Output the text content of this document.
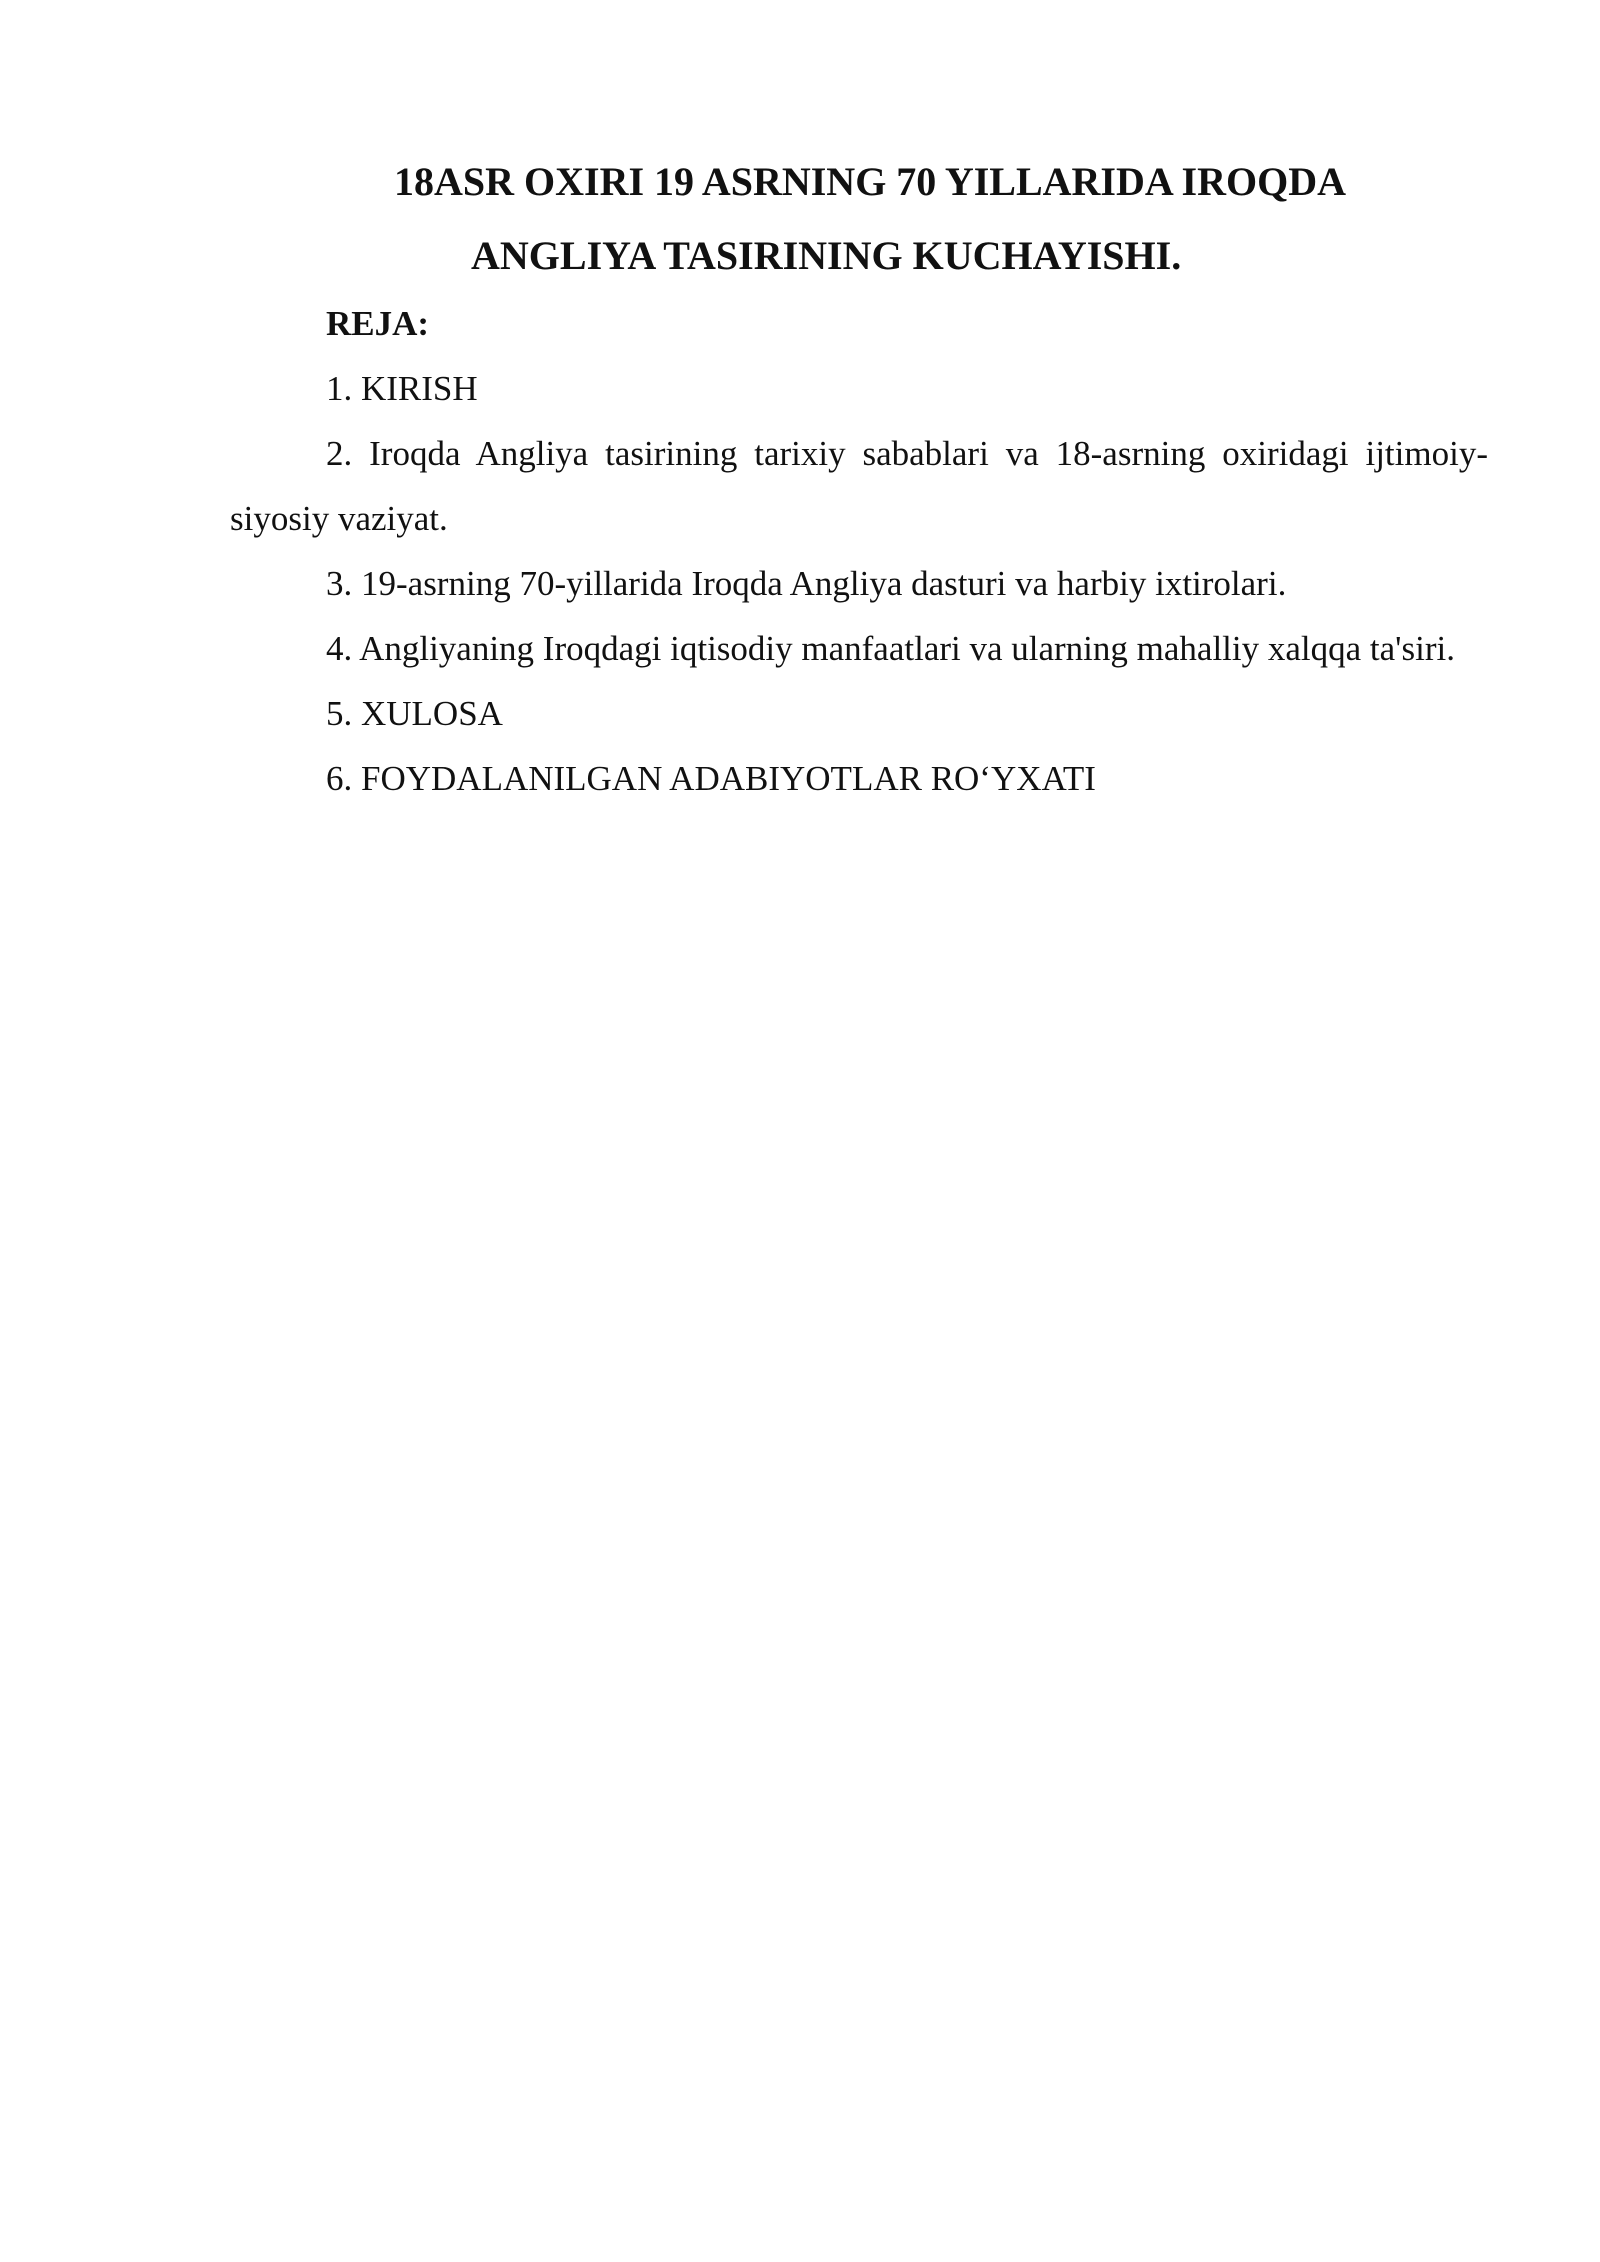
18ASR OXIRI 19 ASRNING 70 YILLARIDA IROQDA
ANGLIYA TASIRINING KUCHAYISHI.

REJA:

1. KIRISH

2. Iroqda Angliya tasirining tarixiy sabablari va 18-asrning oxiridagi ijtimoiy-siyosiy vaziyat.

3. 19-asrning 70-yillarida Iroqda Angliya dasturi va harbiy ixtirolari.

4. Angliyaning Iroqdagi iqtisodiy manfaatlari va ularning mahalliy xalqqa ta'siri.

5. XULOSA

6. FOYDALANILGAN ADABIYOTLAR RO‘YXATI
